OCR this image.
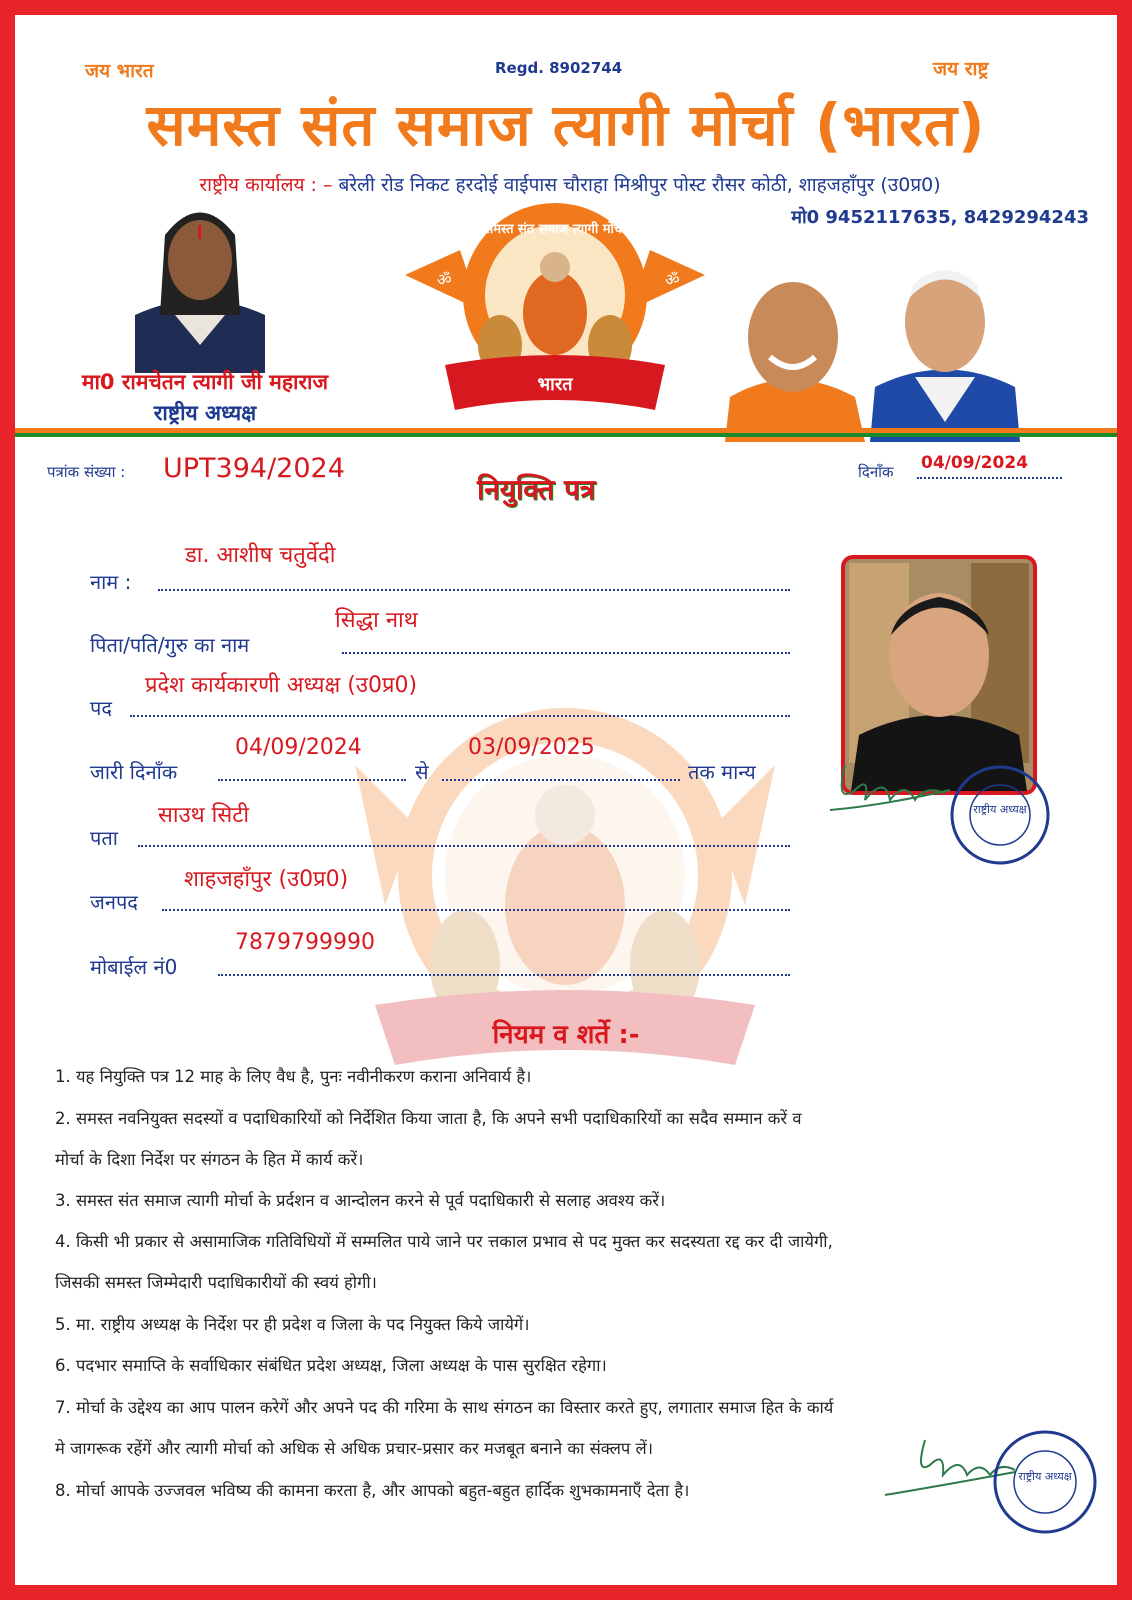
जय भारत	Regd. 8902744	जय राष्ट्र
समस्त संत समाज त्यागी मोर्चा (भारत)
राष्ट्रीय कार्यालय : – बरेली रोड निकट हरदोई वाईपास चौराहा मिश्रीपुर पोस्ट रौसर कोठी, शाहजहाँपुर (उ0प्र0)
मो0 9452117635, 8429294243
मा0 रामचेतन त्यागी जी महाराज
राष्ट्रीय अध्यक्ष
भारत
ॐ	ॐ
समस्त संत समाज त्यागी मोर्चा
पत्रांक संख्या : UPT394/2024
नियुक्ति पत्र
दिनाँक 04/09/2024
नाम :
डा. आशीष चतुर्वेदी
पिता/पति/गुरु का नाम
सिद्धा नाथ
पद
प्रदेश कार्यकारणी अध्यक्ष (उ0प्र0)
जारी दिनाँक
04/09/2024
से
03/09/2025
तक मान्य
पता
साउथ सिटी
जनपद
शाहजहाँपुर (उ0प्र0)
मोबाईल नं0
7879799990
राष्ट्रीय अध्यक्ष
नियम व शर्ते :-
1. यह नियुक्ति पत्र 12 माह के लिए वैध है, पुनः नवीनीकरण कराना अनिवार्य है।
2. समस्त नवनियुक्त सदस्यों व पदाधिकारियों को निर्देशित किया जाता है, कि अपने सभी पदाधिकारियों का सदैव सम्मान करें व
मोर्चा के दिशा निर्देश पर संगठन के हित में कार्य करें।
3. समस्त संत समाज त्यागी मोर्चा के प्रर्दशन व आन्दोलन करने से पूर्व पदाधिकारी से सलाह अवश्य करें।
4. किसी भी प्रकार से असामाजिक गतिविधियों में सम्मलित पाये जाने पर त्तकाल प्रभाव से पद मुक्त कर सदस्यता रद्द कर दी जायेगी,
जिसकी समस्त जिम्मेदारी पदाधिकारीयों की स्वयं होगी।
5. मा. राष्ट्रीय अध्यक्ष के निर्देश पर ही प्रदेश व जिला के पद नियुक्त किये जायेगें।
6. पदभार समाप्ति के सर्वाधिकार संबंधित प्रदेश अध्यक्ष, जिला अध्यक्ष के पास सुरक्षित रहेगा।
7. मोर्चा के उद्देश्य का आप पालन करेगें और अपने पद की गरिमा के साथ संगठन का विस्तार करते हुए, लगातार समाज हित के कार्य
मे जागरूक रहेंगें और त्यागी मोर्चा को अधिक से अधिक प्रचार-प्रसार कर मजबूत बनाने का संक्लप लें।
8. मोर्चा आपके उज्जवल भविष्य की कामना करता है, और आपको बहुत-बहुत हार्दिक शुभकामनाएँ देता है।
राष्ट्रीय अध्यक्ष
